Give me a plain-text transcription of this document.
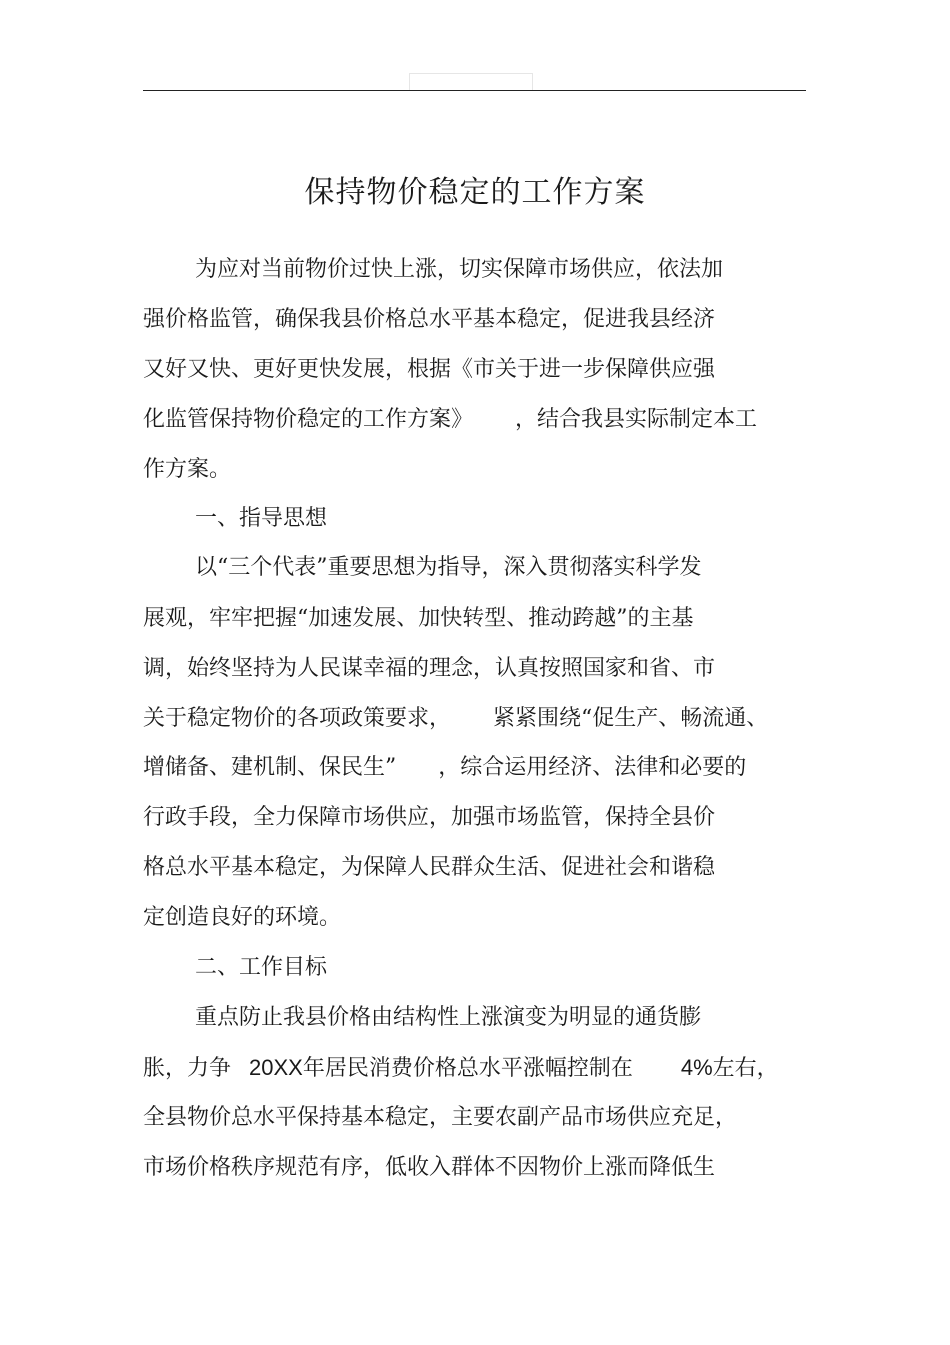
保持物价稳定的工作方案
为应对当前物价过快上涨，切实保障市场供应，依法加
强价格监管，确保我县价格总水平基本稳定，促进我县经济
又好又快、更好更快发展，根据《市关于进一步保障供应强
化监管保持物价稳定的工作方案》      ，结合我县实际制定本工
作方案。
一、指导思想
以“三个代表”重要思想为指导，深入贯彻落实科学发
展观，牢牢把握“加速发展、加快转型、推动跨越”的主基
调，始终坚持为人民谋幸福的理念，认真按照国家和省、市
关于稳定物价的各项政策要求，      紧紧围绕“促生产、畅流通、
增储备、建机制、保民生”      ，综合运用经济、法律和必要的
行政手段，全力保障市场供应，加强市场监管，保持全县价
格总水平基本稳定，为保障人民群众生活、促进社会和谐稳
定创造良好的环境。
二、工作目标
重点防止我县价格由结构性上涨演变为明显的通货膨
胀，力争 20XX年居民消费价格总水平涨幅控制在 4%左右，
全县物价总水平保持基本稳定，主要农副产品市场供应充足，
市场价格秩序规范有序，低收入群体不因物价上涨而降低生
